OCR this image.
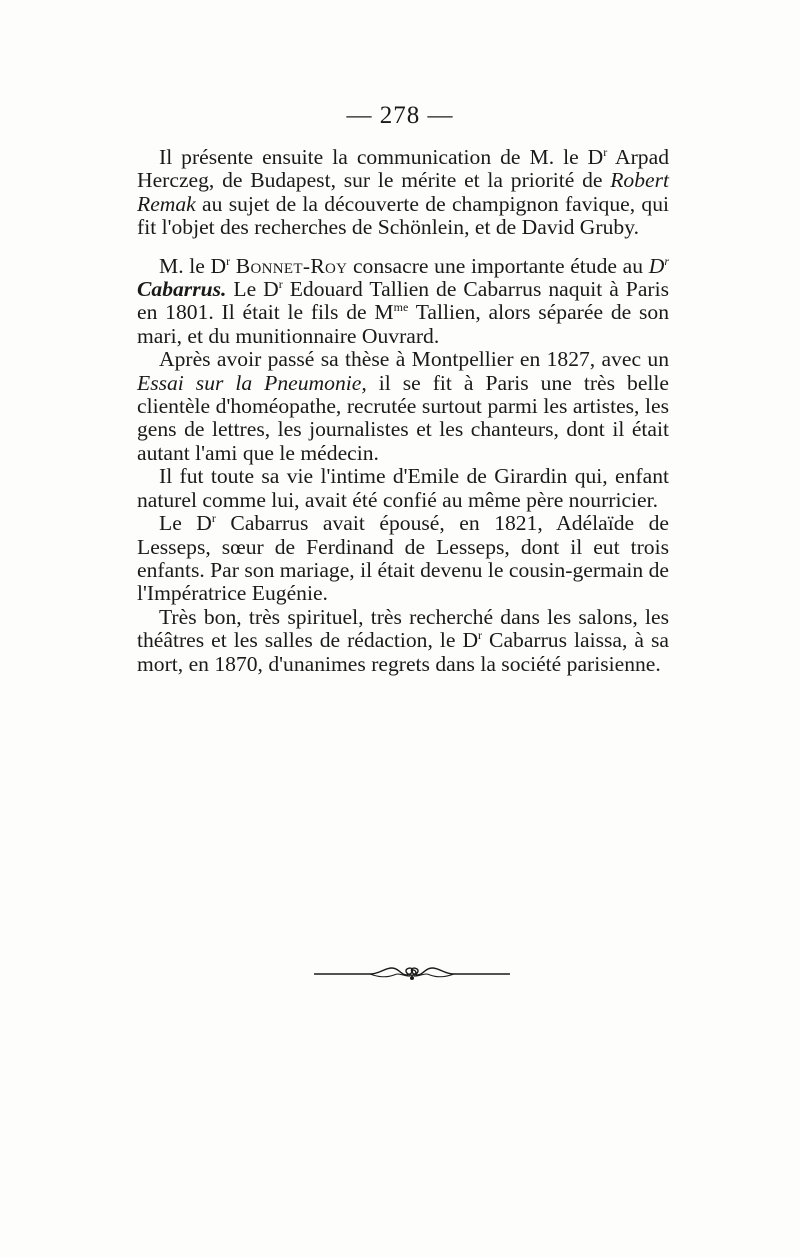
— 278 —

Il présente ensuite la communication de M. le $D^r$ Arpad Herczeg, de Budapest, sur le mérite et la priorité de Robert Remak au sujet de la découverte de champignon favique, qui fit l'objet des recherches de Schönlein, et de David Gruby.

M. le $D^r$ Bonnet-Roy consacre une importante étude au $D^r$ Cabarrus. Le $D^r$ Edouard Tallien de Cabarrus naquit à Paris en 1801. Il était le fils de $M^{me}$ Tallien, alors séparée de son mari, et du munitionnaire Ouvrard.

Après avoir passé sa thèse à Montpellier en 1827, avec un Essai sur la Pneumonie, il se fit à Paris une très belle clientèle d'homéopathe, recrutée surtout parmi les artistes, les gens de lettres, les journalistes et les chanteurs, dont il était autant l'ami que le médecin.

Il fut toute sa vie l'intime d'Emile de Girardin qui, enfant naturel comme lui, avait été confié au même père nourricier.

Le $D^r$ Cabarrus avait épousé, en 1821, Adélaïde de Lesseps, sœur de Ferdinand de Lesseps, dont il eut trois enfants. Par son mariage, il était devenu le cousin-germain de l'Impératrice Eugénie.

Très bon, très spirituel, très recherché dans les salons, les théâtres et les salles de rédaction, le $D^r$ Cabarrus laissa, à sa mort, en 1870, d'unanimes regrets dans la société parisienne.
